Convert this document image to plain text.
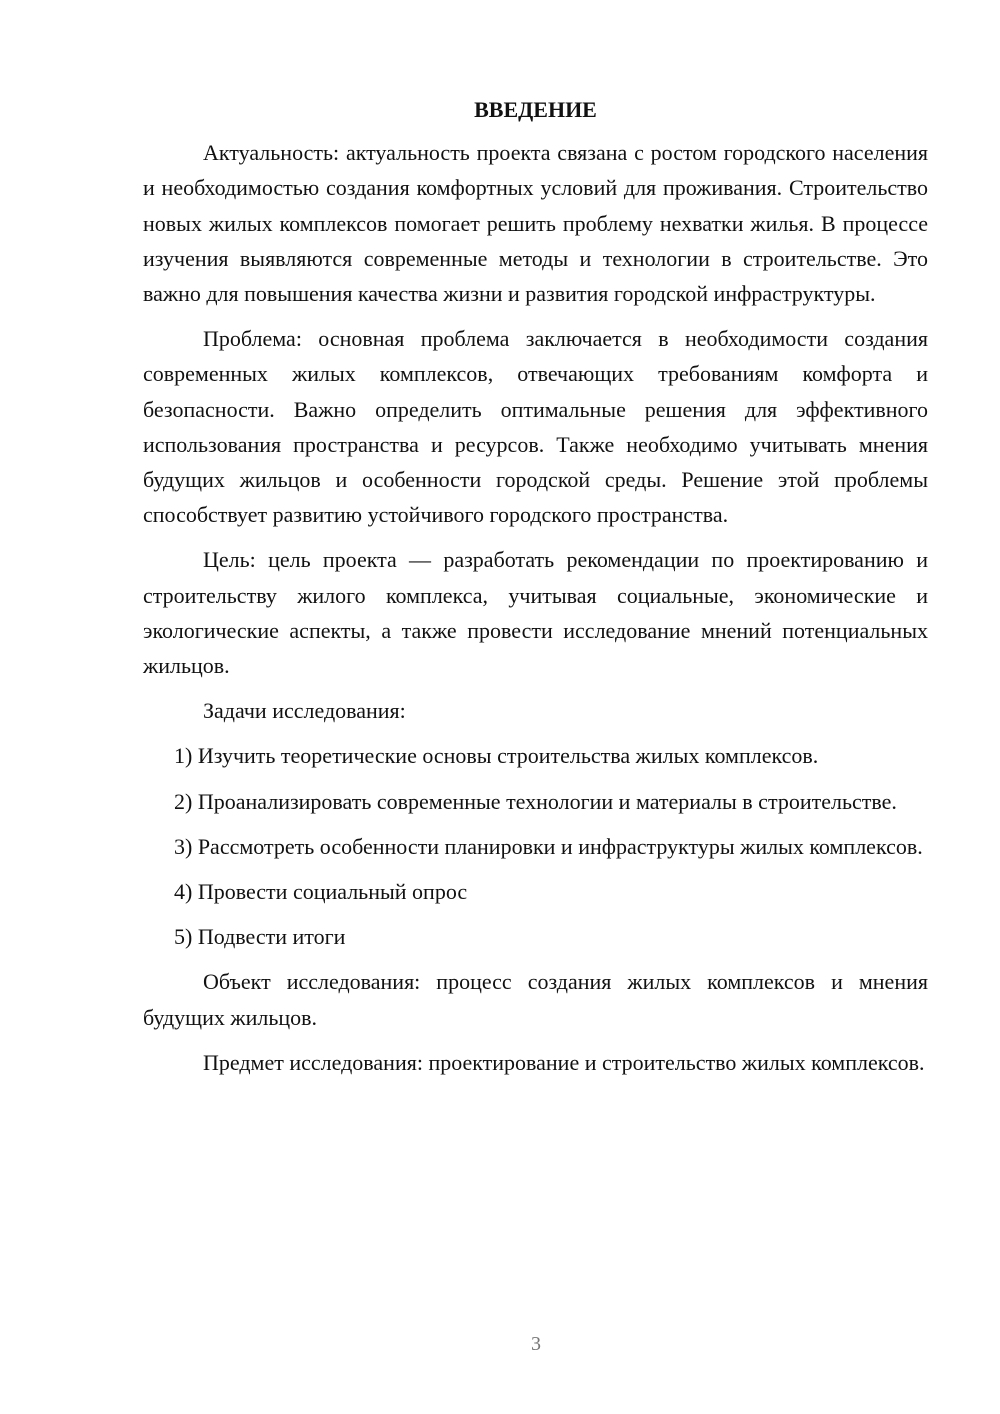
ВВЕДЕНИЕ

Актуальность: актуальность проекта связана с ростом городского населения и необходимостью создания комфортных условий для проживания. Строительство новых жилых комплексов помогает решить проблему нехватки жилья. В процессе изучения выявляются современные методы и технологии в строительстве. Это важно для повышения качества жизни и развития городской инфраструктуры.

Проблема: основная проблема заключается в необходимости создания современных жилых комплексов, отвечающих требованиям комфорта и безопасности. Важно определить оптимальные решения для эффективного использования пространства и ресурсов. Также необходимо учитывать мнения будущих жильцов и особенности городской среды. Решение этой проблемы способствует развитию устойчивого городского пространства.

Цель: цель проекта — разработать рекомендации по проектированию и строительству жилого комплекса, учитывая социальные, экономические и экологические аспекты, а также провести исследование мнений потенциальных жильцов.

Задачи исследования:

1) Изучить теоретические основы строительства жилых комплексов.

2) Проанализировать современные технологии и материалы в строительстве.

3) Рассмотреть особенности планировки и инфраструктуры жилых комплексов.

4) Провести социальный опрос

5) Подвести итоги

Объект исследования: процесс создания жилых комплексов и мнения будущих жильцов.

Предмет исследования: проектирование и строительство жилых комплексов.

3
